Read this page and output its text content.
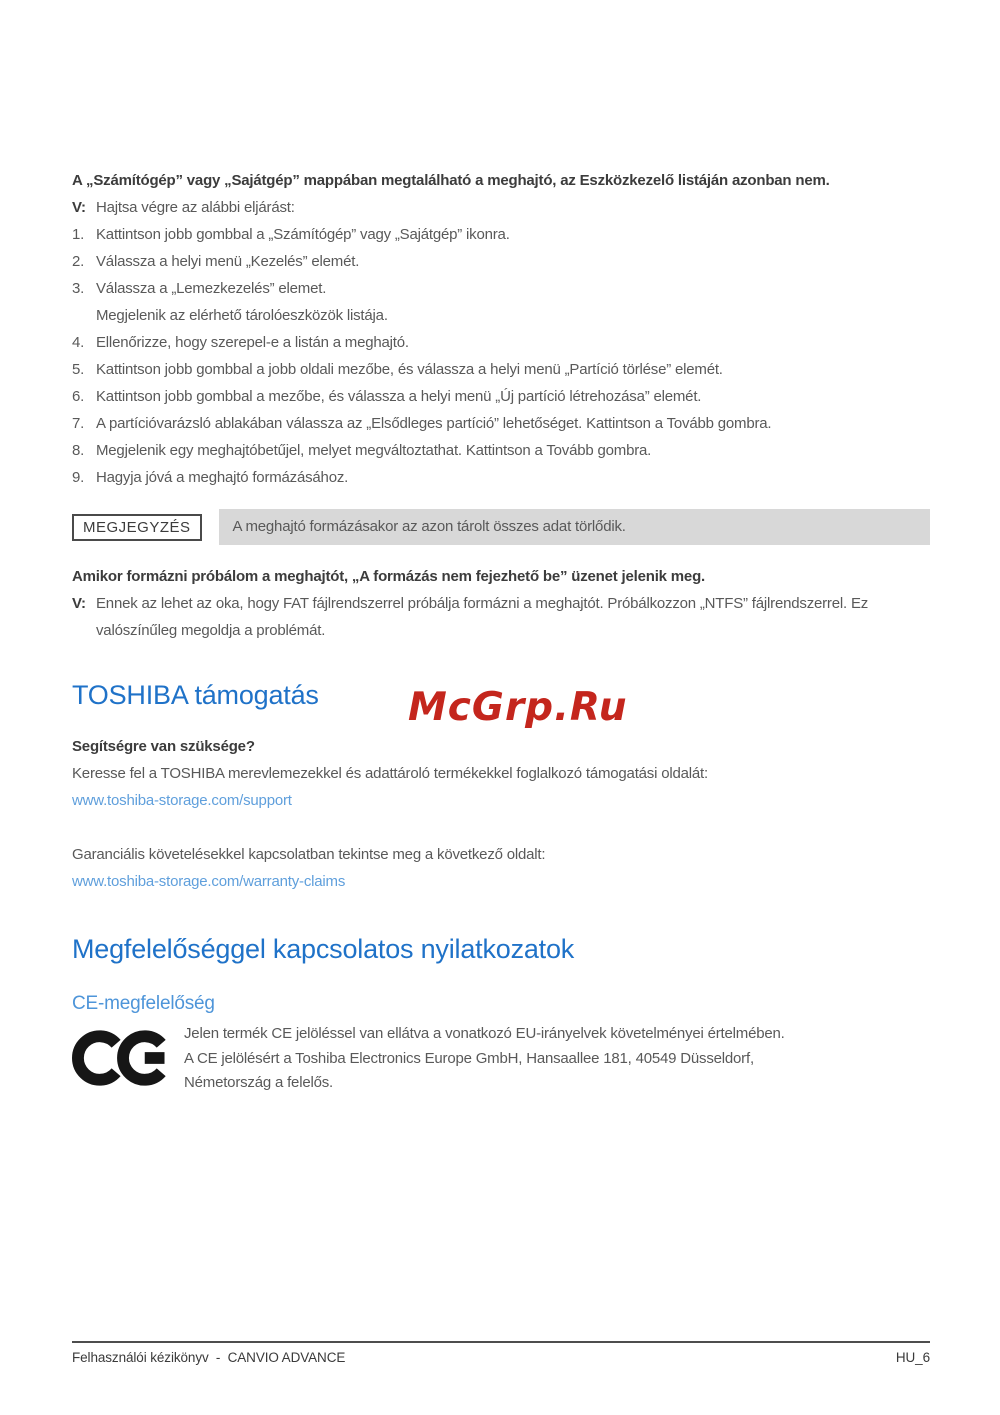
A „Számítógép” vagy „Sajátgép” mappában megtalálható a meghajtó, az Eszközkezelő listáján azonban nem.

V: Hajtsa végre az alábbi eljárást:
Kattintson jobb gombbal a „Számítógép” vagy „Sajátgép” ikonra.
Válassza a helyi menü „Kezelés” elemét.
Válassza a „Lemezkezelés” elemet.
Megjelenik az elérhető tárolóeszközök listája.
Ellenőrizze, hogy szerepel-e a listán a meghajtó.
Kattintson jobb gombbal a jobb oldali mezőbe, és válassza a helyi menü „Partíció törlése” elemét.
Kattintson jobb gombbal a mezőbe, és válassza a helyi menü „Új partíció létrehozása” elemét.
A partícióvarázsló ablakában válassza az „Elsődleges partíció” lehetőséget. Kattintson a Tovább gombra.
Megjelenik egy meghajtóbetűjel, melyet megváltoztathat. Kattintson a Tovább gombra.
Hagyja jóvá a meghajtó formázásához.
MEGJEGYZÉS	A meghajtó formázásakor az azon tárolt összes adat törlődik.

Amikor formázni próbálom a meghajtót, „A formázás nem fejezhető be” üzenet jelenik meg.

V: Ennek az lehet az oka, hogy FAT fájlrendszerrel próbálja formázni a meghajtót. Próbálkozzon „NTFS” fájlrendszerrel. Ez valószínűleg megoldja a problémát.
TOSHIBA támogatás McGrp.Ru
Segítségre van szüksége?
Keresse fel a TOSHIBA merevlemezekkel és adattároló termékekkel foglalkozó támogatási oldalát:
www.toshiba-storage.com/support
Garanciális követelésekkel kapcsolatban tekintse meg a következő oldalt:
www.toshiba-storage.com/warranty-claims
Megfelelőséggel kapcsolatos nyilatkozatok
CE-megfelelőség
Jelen termék CE jelöléssel van ellátva a vonatkozó EU-irányelvek követelményei értelmében.
A CE jelölésért a Toshiba Electronics Europe GmbH, Hansaallee 181, 40549 Düsseldorf,
Németország a felelős.
Felhasználói kézikönyv  -  CANVIO ADVANCE	HU_6
